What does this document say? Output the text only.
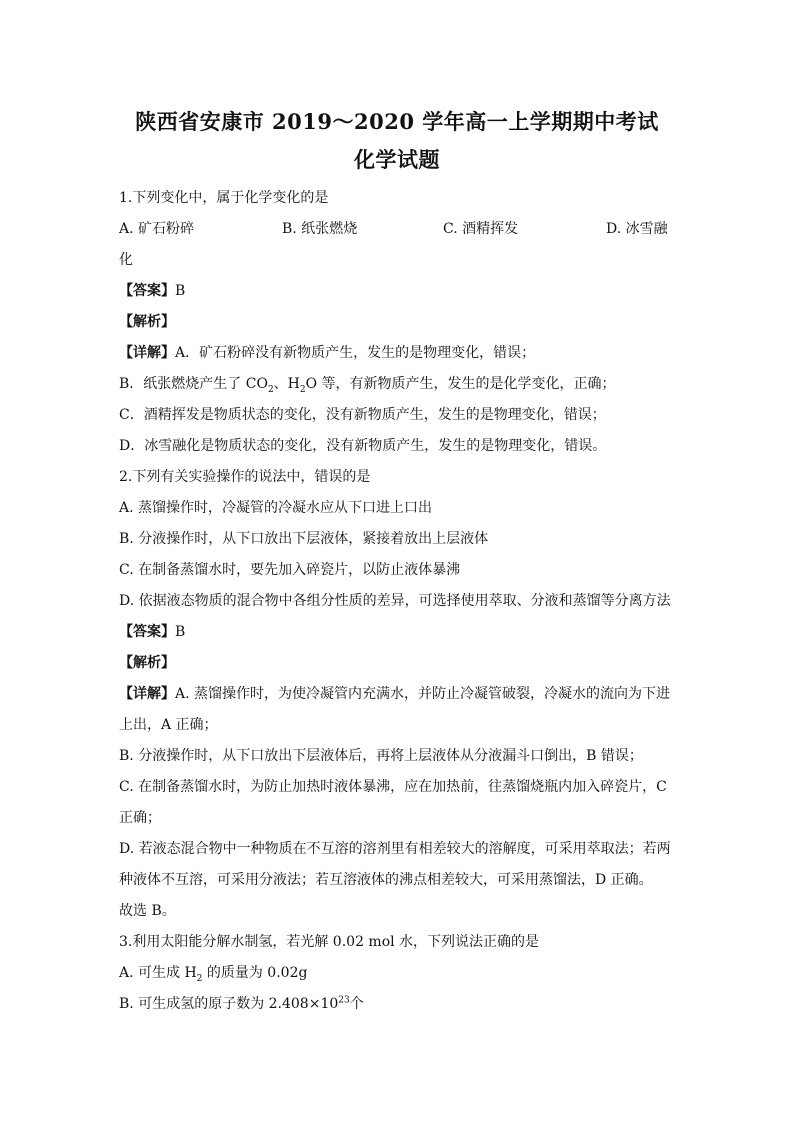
陕西省安康市 2019～2020 学年高一上学期期中考试
化学试题
1.下列变化中，属于化学变化的是
A. 矿石粉碎	B. 纸张燃烧	C. 酒精挥发	D. 冰雪融
化
【答案】B
【解析】
【详解】A．矿石粉碎没有新物质产生，发生的是物理变化，错误；
B．纸张燃烧产生了 $CO_2$、$H_2O$ 等，有新物质产生，发生的是化学变化，正确；
C．酒精挥发是物质状态的变化，没有新物质产生，发生的是物理变化，错误；
D．冰雪融化是物质状态的变化，没有新物质产生，发生的是物理变化，错误。
2.下列有关实验操作的说法中，错误的是
A. 蒸馏操作时，冷凝管的冷凝水应从下口进上口出
B. 分液操作时，从下口放出下层液体，紧接着放出上层液体
C. 在制备蒸馏水时，要先加入碎瓷片，以防止液体暴沸
D. 依据液态物质的混合物中各组分性质的差异，可选择使用萃取、分液和蒸馏等分离方法
【答案】B
【解析】
【详解】A. 蒸馏操作时，为使冷凝管内充满水，并防止冷凝管破裂，冷凝水的流向为下进
上出，A 正确；
B. 分液操作时，从下口放出下层液体后，再将上层液体从分液漏斗口倒出，B 错误；
C. 在制备蒸馏水时，为防止加热时液体暴沸，应在加热前，往蒸馏烧瓶内加入碎瓷片，C
正确；
D. 若液态混合物中一种物质在不互溶的溶剂里有相差较大的溶解度，可采用萃取法；若两
种液体不互溶，可采用分液法；若互溶液体的沸点相差较大，可采用蒸馏法，D 正确。
故选 B。
3.利用太阳能分解水制氢，若光解 0.02 mol 水，下列说法正确的是
A. 可生成 $H_2$ 的质量为 0.02g
B. 可生成氢的原子数为 $2.408\times 10^{23}$个
